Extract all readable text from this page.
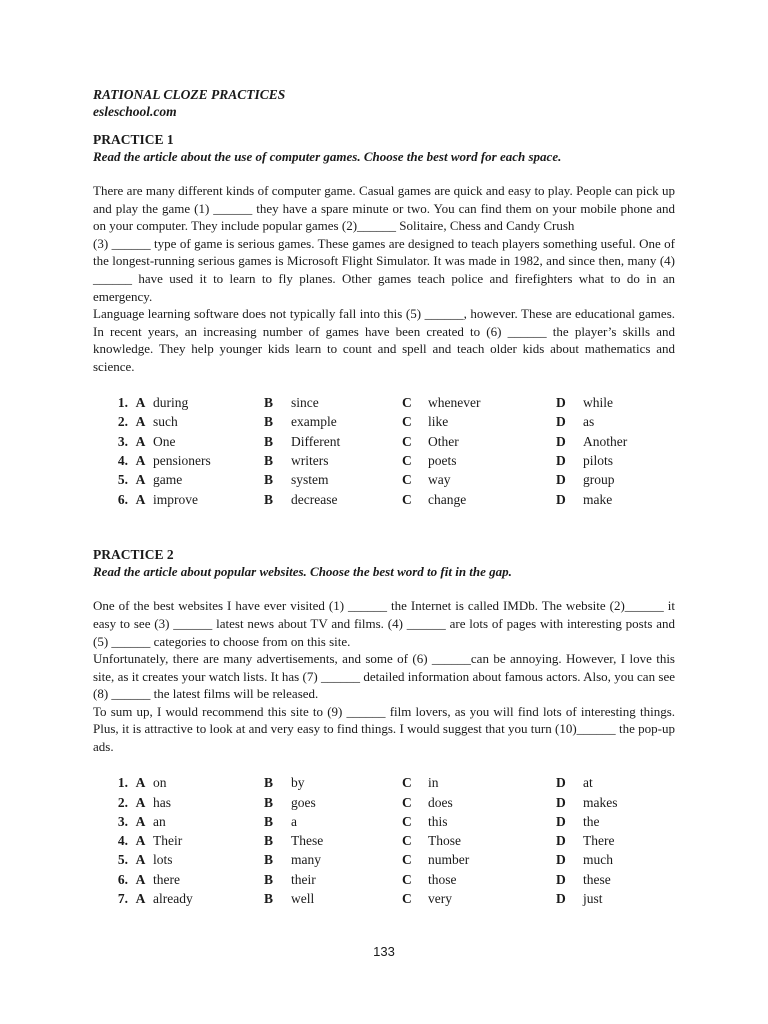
RATIONAL CLOZE PRACTICES

esleschool.com

PRACTICE 1

Read the article about the use of computer games. Choose the best word for each space.

There are many different kinds of computer game. Casual games are quick and easy to play. People can pick up and play the game (1) ______ they have a spare minute or two. You can find them on your mobile phone and on your computer. They include popular games (2)______ Solitaire, Chess and Candy Crush

(3) ______ type of game is serious games. These games are designed to teach players something useful. One of the longest-running serious games is Microsoft Flight Simulator. It was made in 1982, and since then, many (4) ______ have used it to learn to fly planes. Other games teach police and firefighters what to do in an emergency.

Language learning software does not typically fall into this (5) ______, however. These are educational games. In recent years, an increasing number of games have been created to (6) ______ the player’s skills and knowledge. They help younger kids learn to count and spell and teach older kids about mathematics and science.

1.	A	during	B	since	C	whenever	D	while
2.	A	such	B	example	C	like	D	as
3.	A	One	B	Different	C	Other	D	Another
4.	A	pensioners	B	writers	C	poets	D	pilots
5.	A	game	B	system	C	way	D	group
6.	A	improve	B	decrease	C	change	D	make

PRACTICE 2

Read the article about popular websites. Choose the best word to fit in the gap.

One of the best websites I have ever visited (1) ______ the Internet is called IMDb. The website (2)______ it easy to see (3) ______ latest news about TV and films. (4) ______ are lots of pages with interesting posts and (5) ______ categories to choose from on this site.

Unfortunately, there are many advertisements, and some of (6) ______can be annoying. However, I love this site, as it creates your watch lists. It has (7) ______ detailed information about famous actors. Also, you can see (8) ______ the latest films will be released.

To sum up, I would recommend this site to (9) ______ film lovers, as you will find lots of interesting things. Plus, it is attractive to look at and very easy to find things. I would suggest that you turn (10)______ the pop-up ads.

1.	A	on	B	by	C	in	D	at
2.	A	has	B	goes	C	does	D	makes
3.	A	an	B	a	C	this	D	the
4.	A	Their	B	These	C	Those	D	There
5.	A	lots	B	many	C	number	D	much
6.	A	there	B	their	C	those	D	these
7.	A	already	B	well	C	very	D	just
133
